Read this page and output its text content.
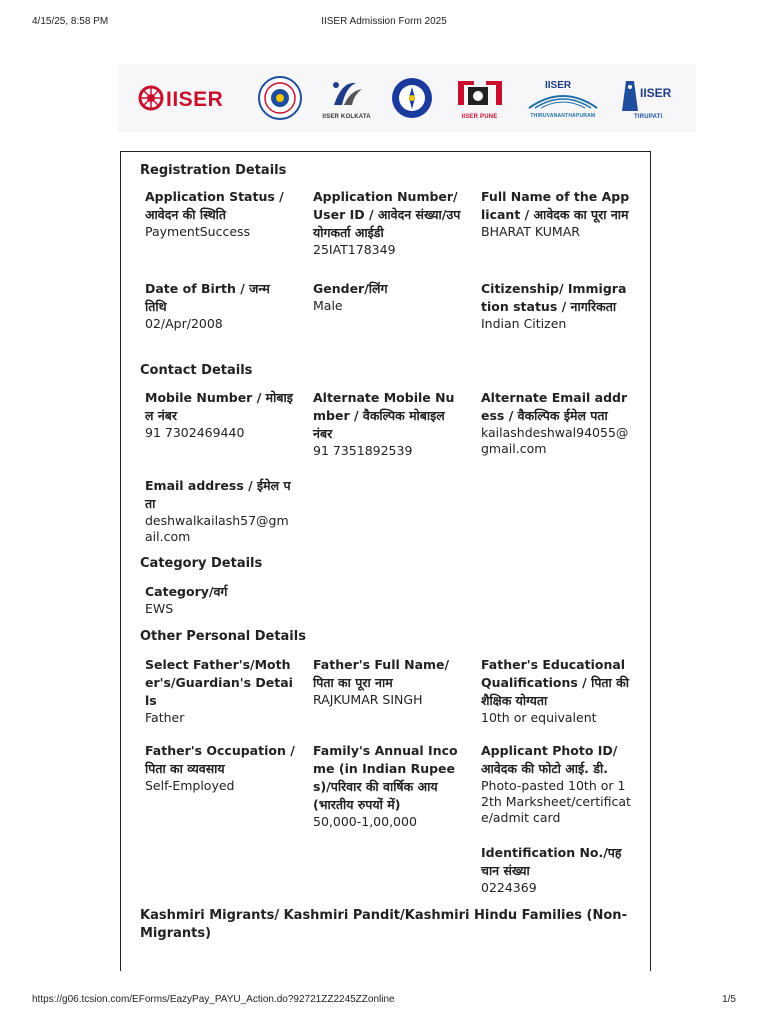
4/15/25, 8:58 PM	IISER Admission Form 2025
IISER
IISER KOLKATA	IISER PUNE
IISER
THIRUVANANTHAPURAM
IISER
TIRUPATI
Registration Details
Application Status / आवेदन की स्थिति
PaymentSuccess
Application Number/User ID / आवेदन संख्या/उपयोगकर्ता आईडी
25IAT178349
Full Name of the Applicant / आवेदक का पूरा नाम
BHARAT KUMAR
Date of Birth / जन्म तिथि
02/Apr/2008
Gender/लिंग
Male
Citizenship/ Immigration status / नागरिकता
Indian Citizen
Contact Details
Mobile Number / मोबाइल नंबर
91 7302469440
Alternate Mobile Number / वैकल्पिक मोबाइल नंबर
91 7351892539
Alternate Email address / वैकल्पिक ईमेल पता
kailashdeshwal94055@gmail.com
Email address / ईमेल पता
deshwalkailash57@gmail.com
Category Details
Category/वर्ग
EWS
Other Personal Details
Select Father's/Mother's/Guardian's Details
Father
Father's Full Name/ पिता का पूरा नाम
RAJKUMAR SINGH
Father's Educational Qualifications / पिता की शैक्षिक योग्यता
10th or equivalent
Father's Occupation / पिता का व्यवसाय
Self-Employed
Family's Annual Income (in Indian Rupees)/परिवार की वार्षिक आय (भारतीय रुपयों में)
50,000-1,00,000
Applicant Photo ID/ आवेदक की फोटो आई. डी.
Photo-pasted 10th or 12th Marksheet/certificate/admit card
Identification No./पहचान संख्या
0224369
Kashmiri Migrants/ Kashmiri Pandit/Kashmiri Hindu Families (Non-Migrants)
https://g06.tcsion.com/EForms/EazyPay_PAYU_Action.do?92721ZZ2245ZZonline	1/5
